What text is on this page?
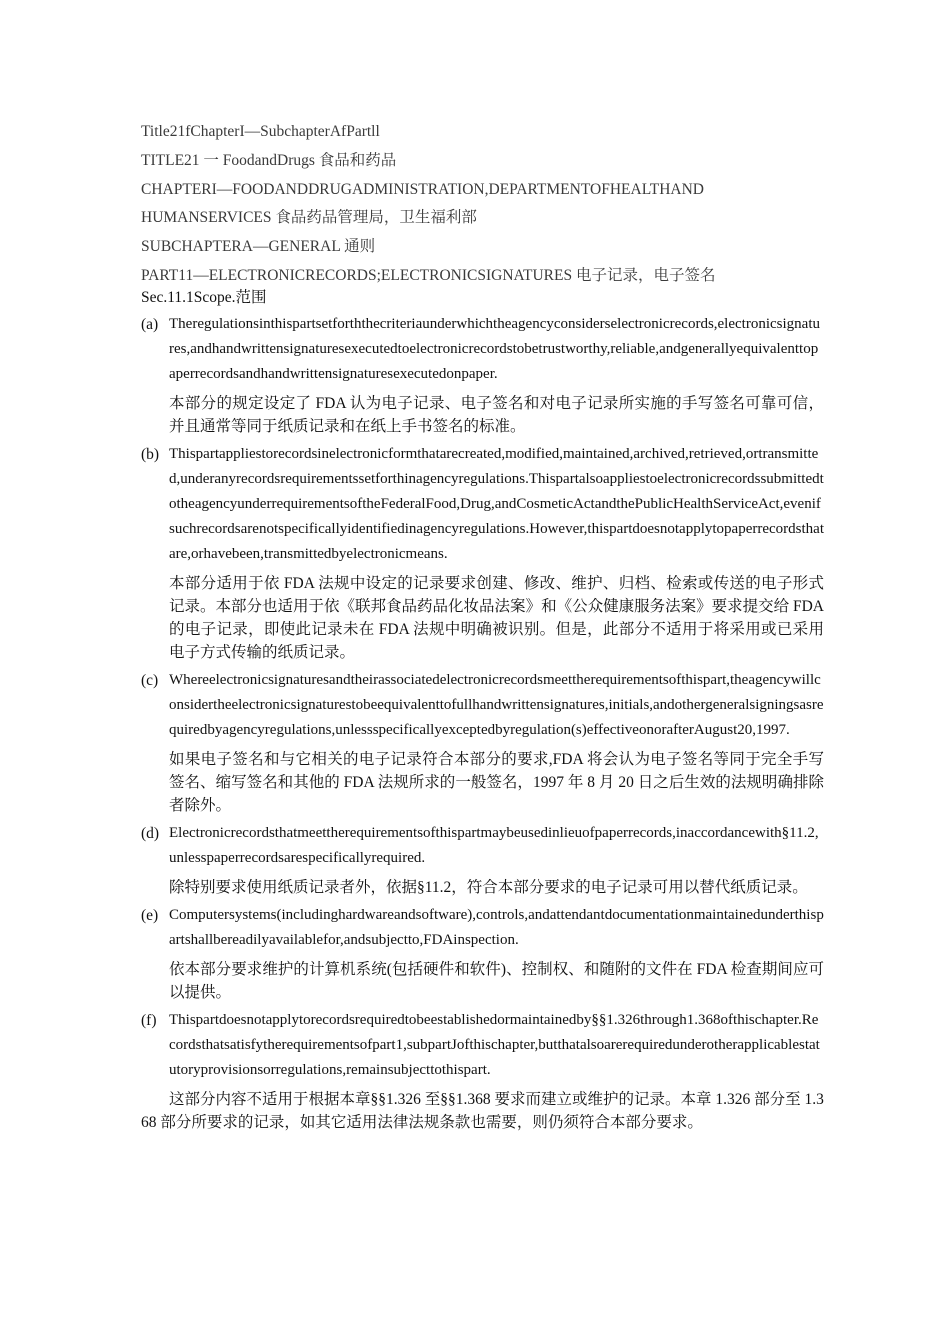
Title21fChapterI—SubchapterAfPartll
TITLE21 一 FoodandDrugs 食品和药品
CHAPTERI—FOODANDDRUGADMINISTRATION,DEPARTMENTOFHEALTHAND
HUMANSERVICES 食品药品管理局，卫生福利部
SUBCHAPTERA—GENERAL 通则
PART11—ELECTRONICRECORDS;ELECTRONICSIGNATURES 电子记录，电子签名
Sec.11.1Scope.范围
(a) Theregulationsinthispartsetforththecriteriaunderwhichtheagencyconsiderselectronicrecords,electronicsignatures,andhandwrittensignaturesexecutedtoelectronicrecordstobetrustworthy,reliable,andgenerallyequivalenttopaperrecordsandhandwrittensignaturesexecutedonpaper.
本部分的规定设定了 FDA 认为电子记录、电子签名和对电子记录所实施的手写签名可靠可信，并且通常等同于纸质记录和在纸上手书签名的标准。
(b) Thispartappliestorecordsinelectronicformthatarecreated,modified,maintained,archived,retrieved,ortransmitted,underanyrecordsrequirementssetforthinagencyregulations.ThispartalsoappliestoelectronicrecordssubmittedtotheagencyunderrequirementsoftheFederalFood,Drug,andCosmeticActandthePublicHealthServiceAct,evenifsuchrecordsarenotspecificallyidentifiedinagencyregulations.However,thispartdoesnotapplytopaperrecordsthatare,orhavebeen,transmittedbyelectronicmeans.
本部分适用于依 FDA 法规中设定的记录要求创建、修改、维护、归档、检索或传送的电子形式记录。本部分也适用于依《联邦食品药品化妆品法案》和《公众健康服务法案》要求提交给 FDA 的电子记录，即使此记录未在 FDA 法规中明确被识别。但是，此部分不适用于将采用或已采用电子方式传输的纸质记录。
(c) Whereelectronicsignaturesandtheirassociatedelectronicrecordsmeettherequirementsofthispart,theagencywillconsidertheelectronicsignaturestobeequivalenttofullhandwrittensignatures,initials,andothergeneralsigningsasrequiredbyagencyregulations,unlessspecificallyexceptedbyregulation(s)effectiveonorafterAugust20,1997.
如果电子签名和与它相关的电子记录符合本部分的要求,FDA 将会认为电子签名等同于完全手写签名、缩写签名和其他的 FDA 法规所求的一般签名，1997 年 8 月 20 日之后生效的法规明确排除者除外。
(d) Electronicrecordsthatmeettherequirementsofthispartmaybeusedinlieuofpaperrecords,inaccordancewith§11.2,unlesspaperrecordsarespecificallyrequired.
除特别要求使用纸质记录者外，依据§11.2，符合本部分要求的电子记录可用以替代纸质记录。
(e) Computersystems(includinghardwareandsoftware),controls,andattendantdocumentationmaintainedunderthispartshallbereadilyavailablefor,andsubjectto,FDAinspection.
依本部分要求维护的计算机系统(包括硬件和软件)、控制权、和随附的文件在 FDA 检查期间应可以提供。
(f) Thispartdoesnotapplytorecordsrequiredtobeestablishedormaintainedby§§1.326through1.368ofthischapter.Recordsthatsatisfytherequirementsofpart1,subpartJofthischapter,butthatalsoarerequiredunderotherapplicablestatutoryprovisionsorregulations,remainsubjecttothispart.
这部分内容不适用于根据本章§§1.326 至§§1.368 要求而建立或维护的记录。本章 1.326 部分至 1.368 部分所要求的记录，如其它适用法律法规条款也需要，则仍须符合本部分要求。
